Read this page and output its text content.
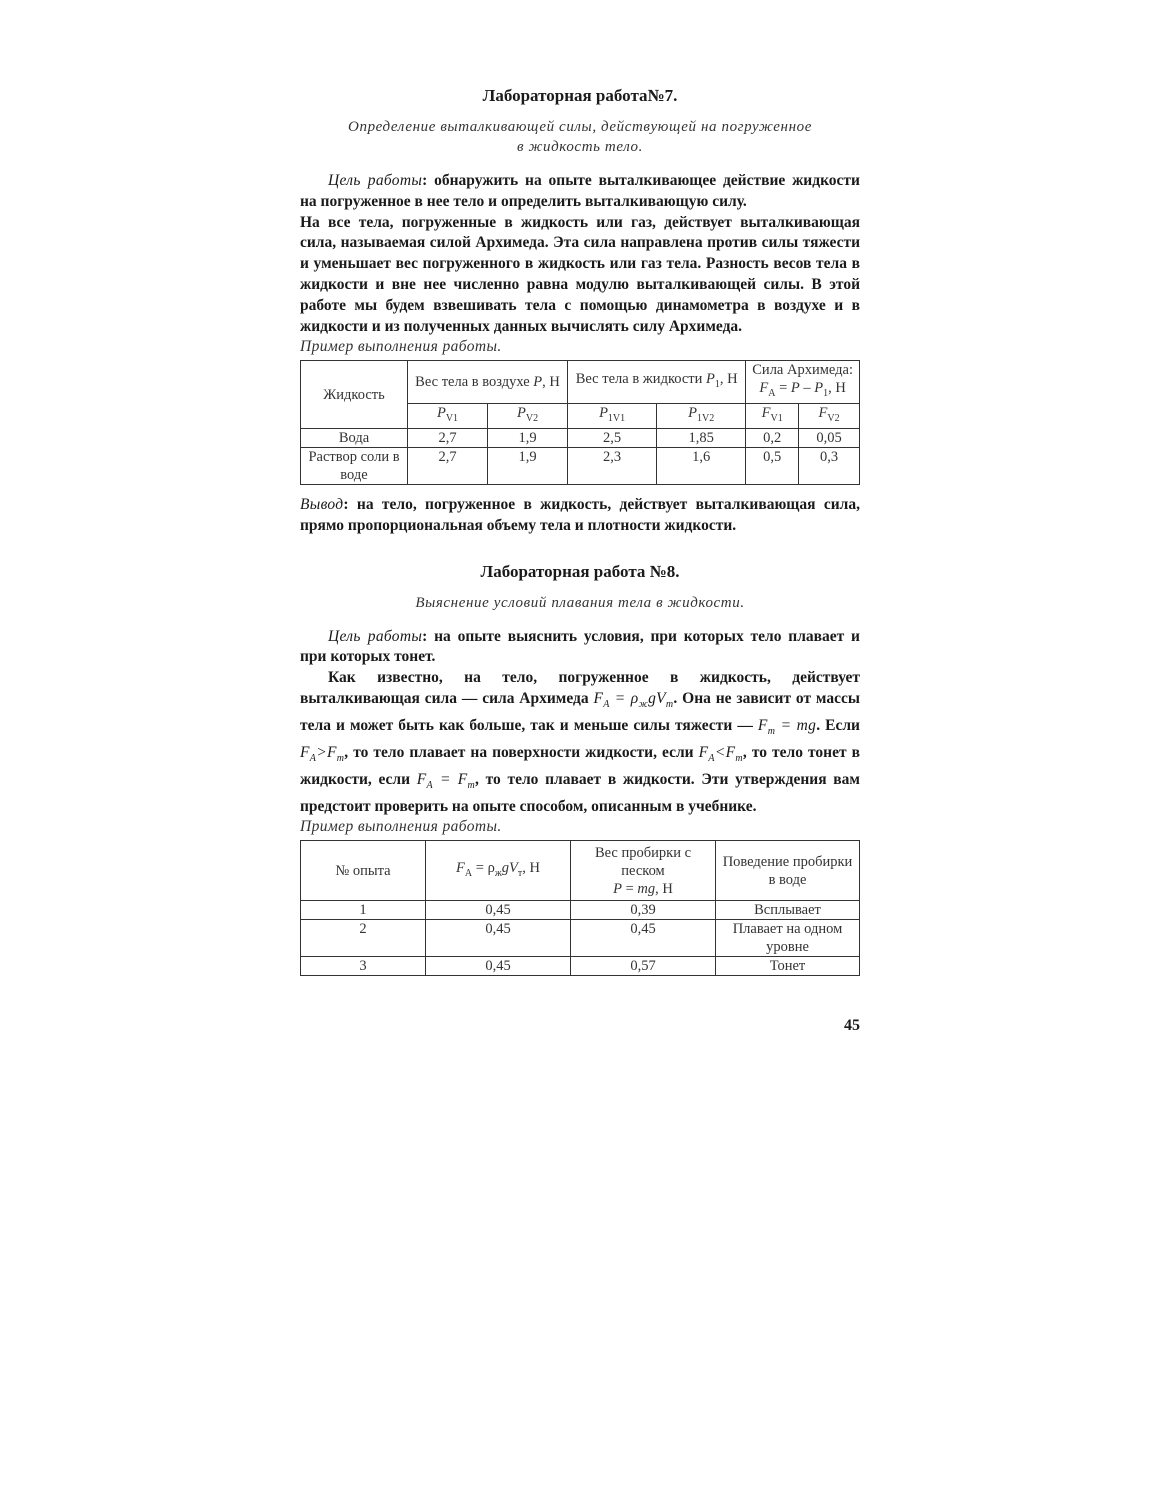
Лабораторная работа№7.

Определение выталкивающей силы, действующей на погруженное
в жидкость тело.

Цель работы: обнаружить на опыте выталкивающее действие жидкости на погруженное в нее тело и определить выталкивающую силу.

На все тела, погруженные в жидкость или газ, действует выталкивающая сила, называемая силой Архимеда. Эта сила направлена против силы тяжести и уменьшает вес погруженного в жидкость или газ тела. Разность весов тела в жидкости и вне нее численно равна модулю выталкивающей силы. В этой работе мы будем взвешивать тела с помощью динамометра в воздухе и в жидкости и из полученных данных вычислять силу Архимеда.

Пример выполнения работы.

Жидкость	Вес тела в воздухе P, Н		Вес тела в жидкости $P_1$, Н		Сила Архимеда:
$F_A = P - P_1$, Н	
	$P_{V1}$	$P_{V2}$	$P_{1V1}$	$P_{1V2}$	$F_{V1}$	$F_{V2}$
Вода	2,7	1,9	2,5	1,85	0,2	0,05
Раствор соли в воде	2,7	1,9	2,3	1,6	0,5	0,3

Вывод: на тело, погруженное в жидкость, действует выталкивающая сила, прямо пропорциональная объему тела и плотности жидкости.

Лабораторная работа №8.

Выяснение условий плавания тела в жидкости.

Цель работы: на опыте выяснить условия, при которых тело плавает и при которых тонет.

Как известно, на тело, погруженное в жидкость, действует выталкивающая сила — сила Архимеда $F_A = \rho_жgV_т$. Она не зависит от массы тела и может быть как больше, так и меньше силы тяжести — $F_т$ = mg. Если $F_A>F_т$, то тело плавает на поверхности жидкости, если $F_A<F_т$, то тело тонет в жидкости, если $F_A = F_т$, то тело плавает в жидкости. Эти утверждения вам предстоит проверить на опыте способом, описанным в учебнике.

Пример выполнения работы.

№ опыта	$F_A = \rho_жgV_т$, Н	Вес пробирки с песком
P = mg, Н	Поведение пробирки в воде
1	0,45	0,39	Всплывает
2	0,45	0,45	Плавает на одном уровне
3	0,45	0,57	Тонет
45
